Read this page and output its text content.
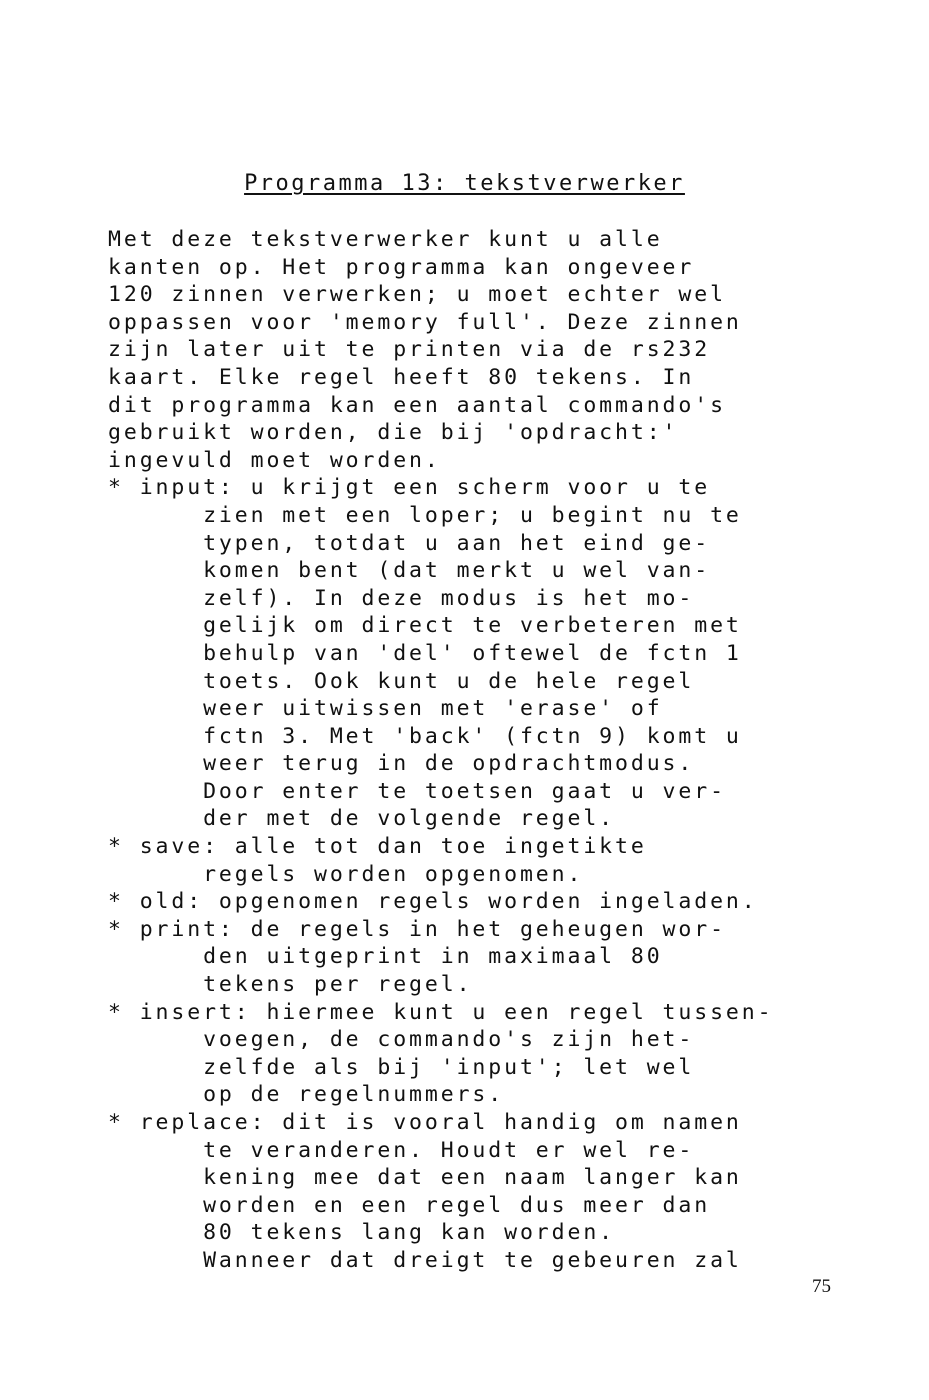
Programma 13: tekstverwerker
Met deze tekstverwerker kunt u alle
kanten op. Het programma kan ongeveer
120 zinnen verwerken; u moet echter wel
oppassen voor 'memory full'. Deze zinnen
zijn later uit te printen via de rs232
kaart. Elke regel heeft 80 tekens. In
dit programma kan een aantal commando's
gebruikt worden, die bij 'opdracht:'
ingevuld moet worden.
* input: u krijgt een scherm voor u te
zien met een loper; u begint nu te
typen, totdat u aan het eind ge-
komen bent (dat merkt u wel van-
zelf). In deze modus is het mo-
gelijk om direct te verbeteren met
behulp van 'del' oftewel de fctn 1
toets. Ook kunt u de hele regel
weer uitwissen met 'erase' of
fctn 3. Met 'back' (fctn 9) komt u
weer terug in de opdrachtmodus.
Door enter te toetsen gaat u ver-
der met de volgende regel.
* save: alle tot dan toe ingetikte
regels worden opgenomen.
* old: opgenomen regels worden ingeladen.
* print: de regels in het geheugen wor-
den uitgeprint in maximaal 80
tekens per regel.
* insert: hiermee kunt u een regel tussen-
voegen, de commando's zijn het-
zelfde als bij 'input'; let wel
op de regelnummers.
* replace: dit is vooral handig om namen
te veranderen. Houdt er wel re-
kening mee dat een naam langer kan
worden en een regel dus meer dan
80 tekens lang kan worden.
Wanneer dat dreigt te gebeuren zal
75
